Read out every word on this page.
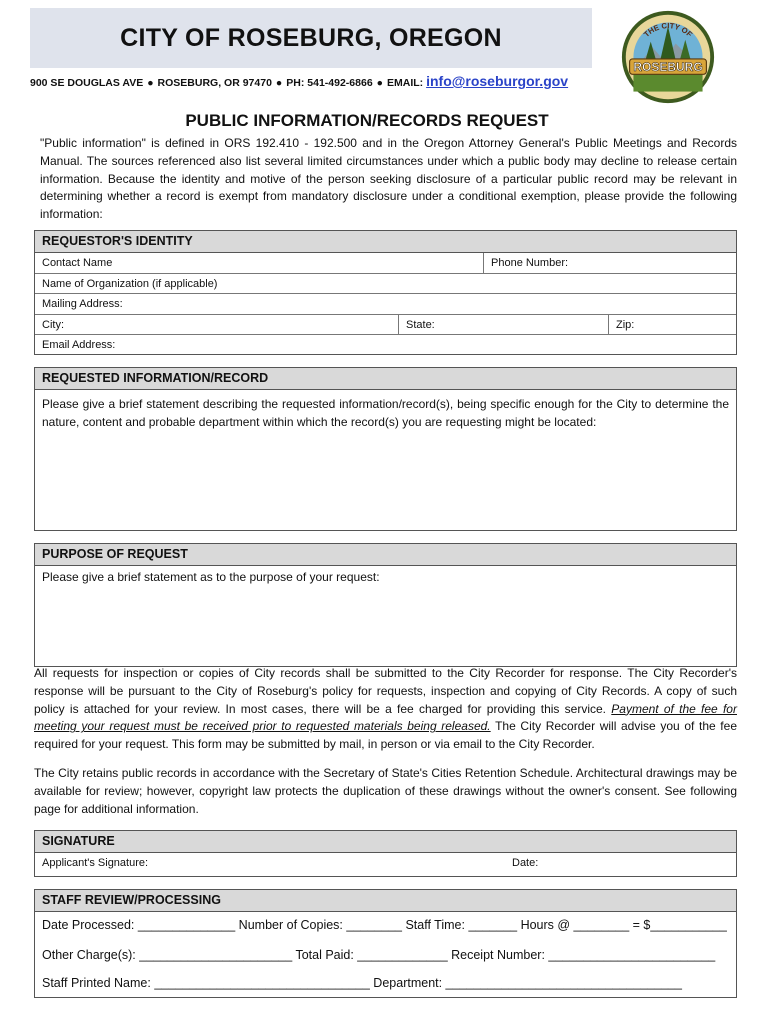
CITY OF ROSEBURG, OREGON
900 SE DOUGLAS AVE ● ROSEBURG, OR 97470 ● PH: 541-492-6866 ● EMAIL: info@roseburgor.gov
ROSEBURG
THE CITY OF
PUBLIC INFORMATION/RECORDS REQUEST
"Public information" is defined in ORS 192.410 - 192.500 and in the Oregon Attorney General's Public Meetings and Records Manual. The sources referenced also list several limited circumstances under which a public body may decline to release certain information. Because the identity and motive of the person seeking disclosure of a particular public record may be relevant in determining whether a record is exempt from mandatory disclosure under a conditional exemption, please provide the following information:
REQUESTOR'S IDENTITY
Contact Name	Phone Number:
Name of Organization (if applicable)
Mailing Address:
City:	State:	Zip:
Email Address:
REQUESTED INFORMATION/RECORD
Please give a brief statement describing the requested information/record(s), being specific enough for the City to determine the nature, content and probable department within which the record(s) you are requesting might be located:
PURPOSE OF REQUEST
Please give a brief statement as to the purpose of your request:
All requests for inspection or copies of City records shall be submitted to the City Recorder for response. The City Recorder's response will be pursuant to the City of Roseburg's policy for requests, inspection and copying of City Records. A copy of such policy is attached for your review. In most cases, there will be a fee charged for providing this service. Payment of the fee for meeting your request must be received prior to requested materials being released. The City Recorder will advise you of the fee required for your request. This form may be submitted by mail, in person or via email to the City Recorder.
The City retains public records in accordance with the Secretary of State's Cities Retention Schedule. Architectural drawings may be available for review; however, copyright law protects the duplication of these drawings without the owner's consent. See following page for additional information.
SIGNATURE
Applicant's Signature:	Date:
STAFF REVIEW/PROCESSING
Date Processed: ______________ Number of Copies: ________ Staff Time: _______ Hours @ ________ = $___________
Other Charge(s): ______________________ Total Paid: _____________ Receipt Number: ________________________
Staff Printed Name: _______________________________ Department: __________________________________
